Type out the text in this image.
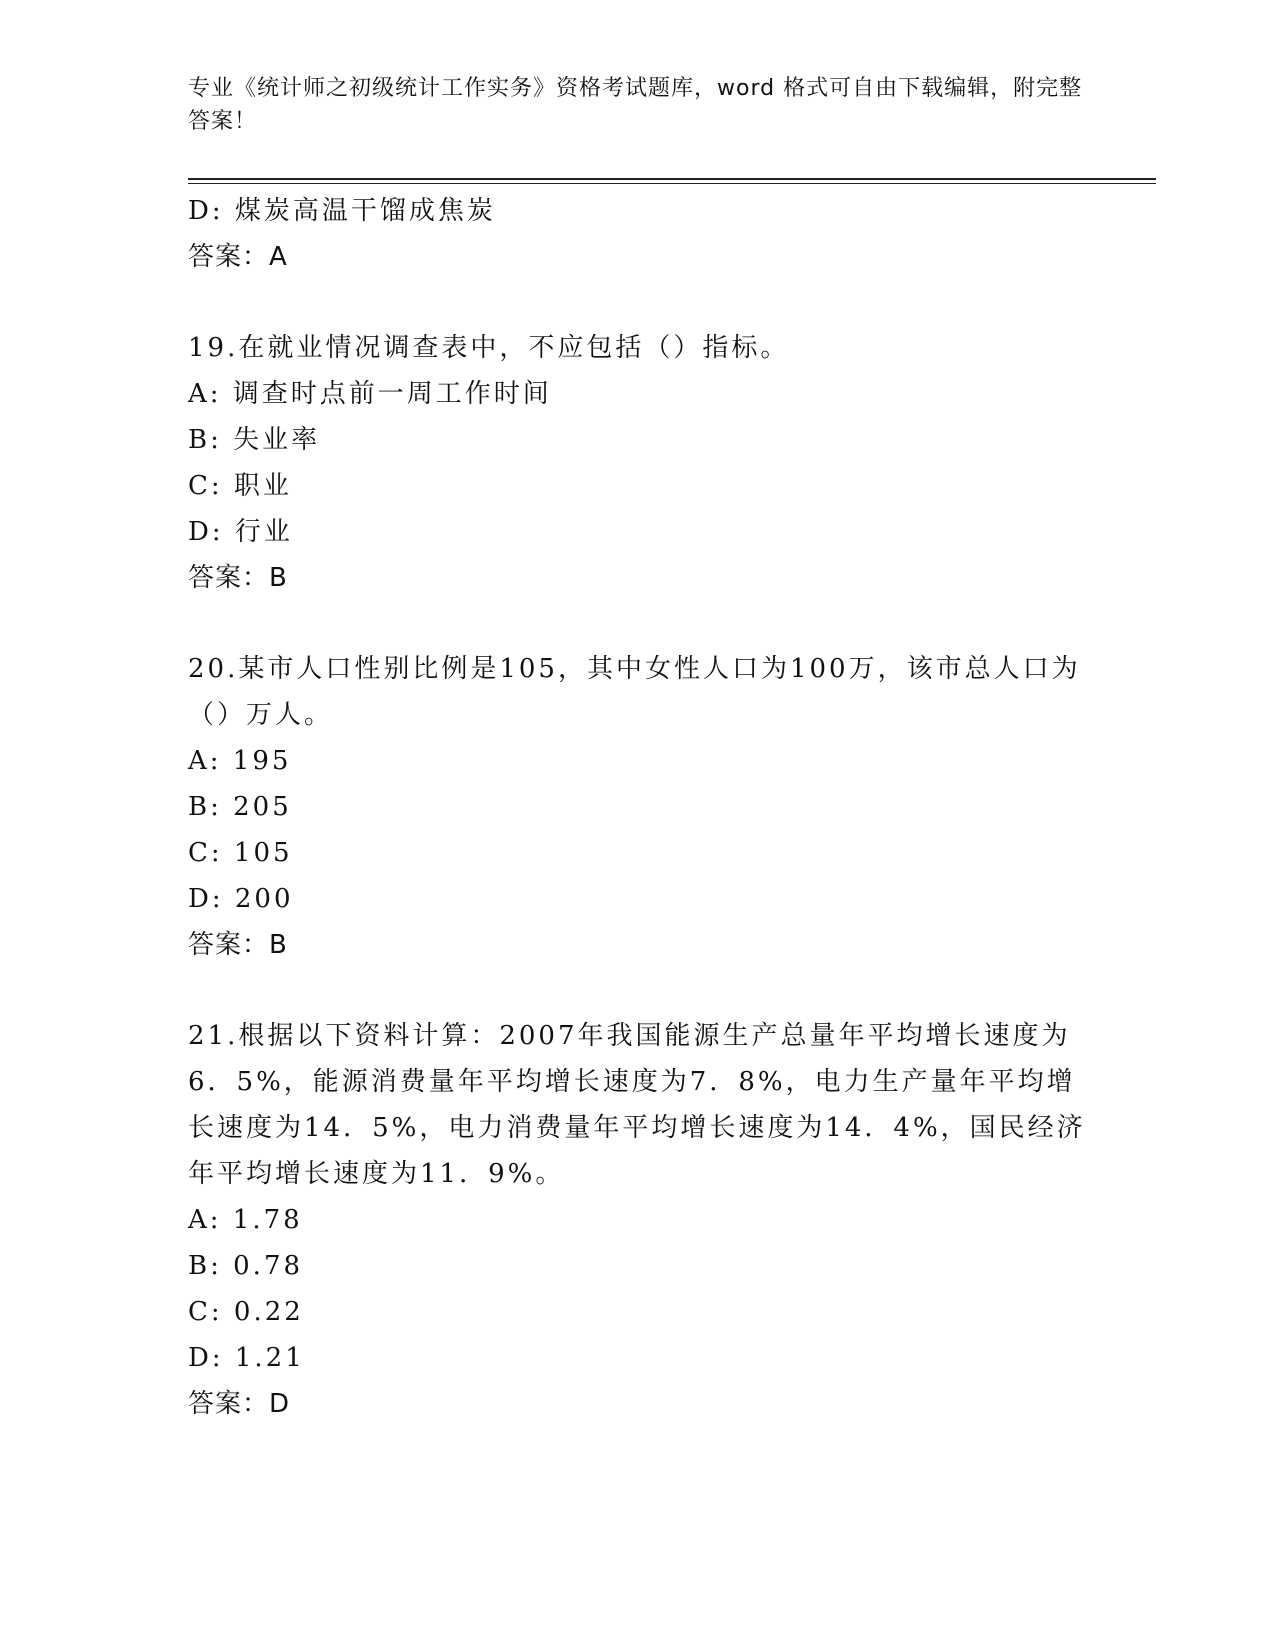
专业《统计师之初级统计工作实务》资格考试题库，word 格式可自由下载编辑，附完整答案！
D: 煤炭高温干馏成焦炭
答案：A
19.在就业情况调查表中，不应包括（）指标。
A: 调查时点前一周工作时间
B: 失业率
C: 职业
D: 行业
答案：B
20.某市人口性别比例是105，其中女性人口为100万，该市总人口为（）万人。
A: 195
B: 205
C: 105
D: 200
答案：B
21.根据以下资料计算：2007年我国能源生产总量年平均增长速度为6．5%，能源消费量年平均增长速度为7．8%，电力生产量年平均增长速度为14．5%，电力消费量年平均增长速度为14．4%，国民经济年平均增长速度为11．9%。
A: 1.78
B: 0.78
C: 0.22
D: 1.21
答案：D
